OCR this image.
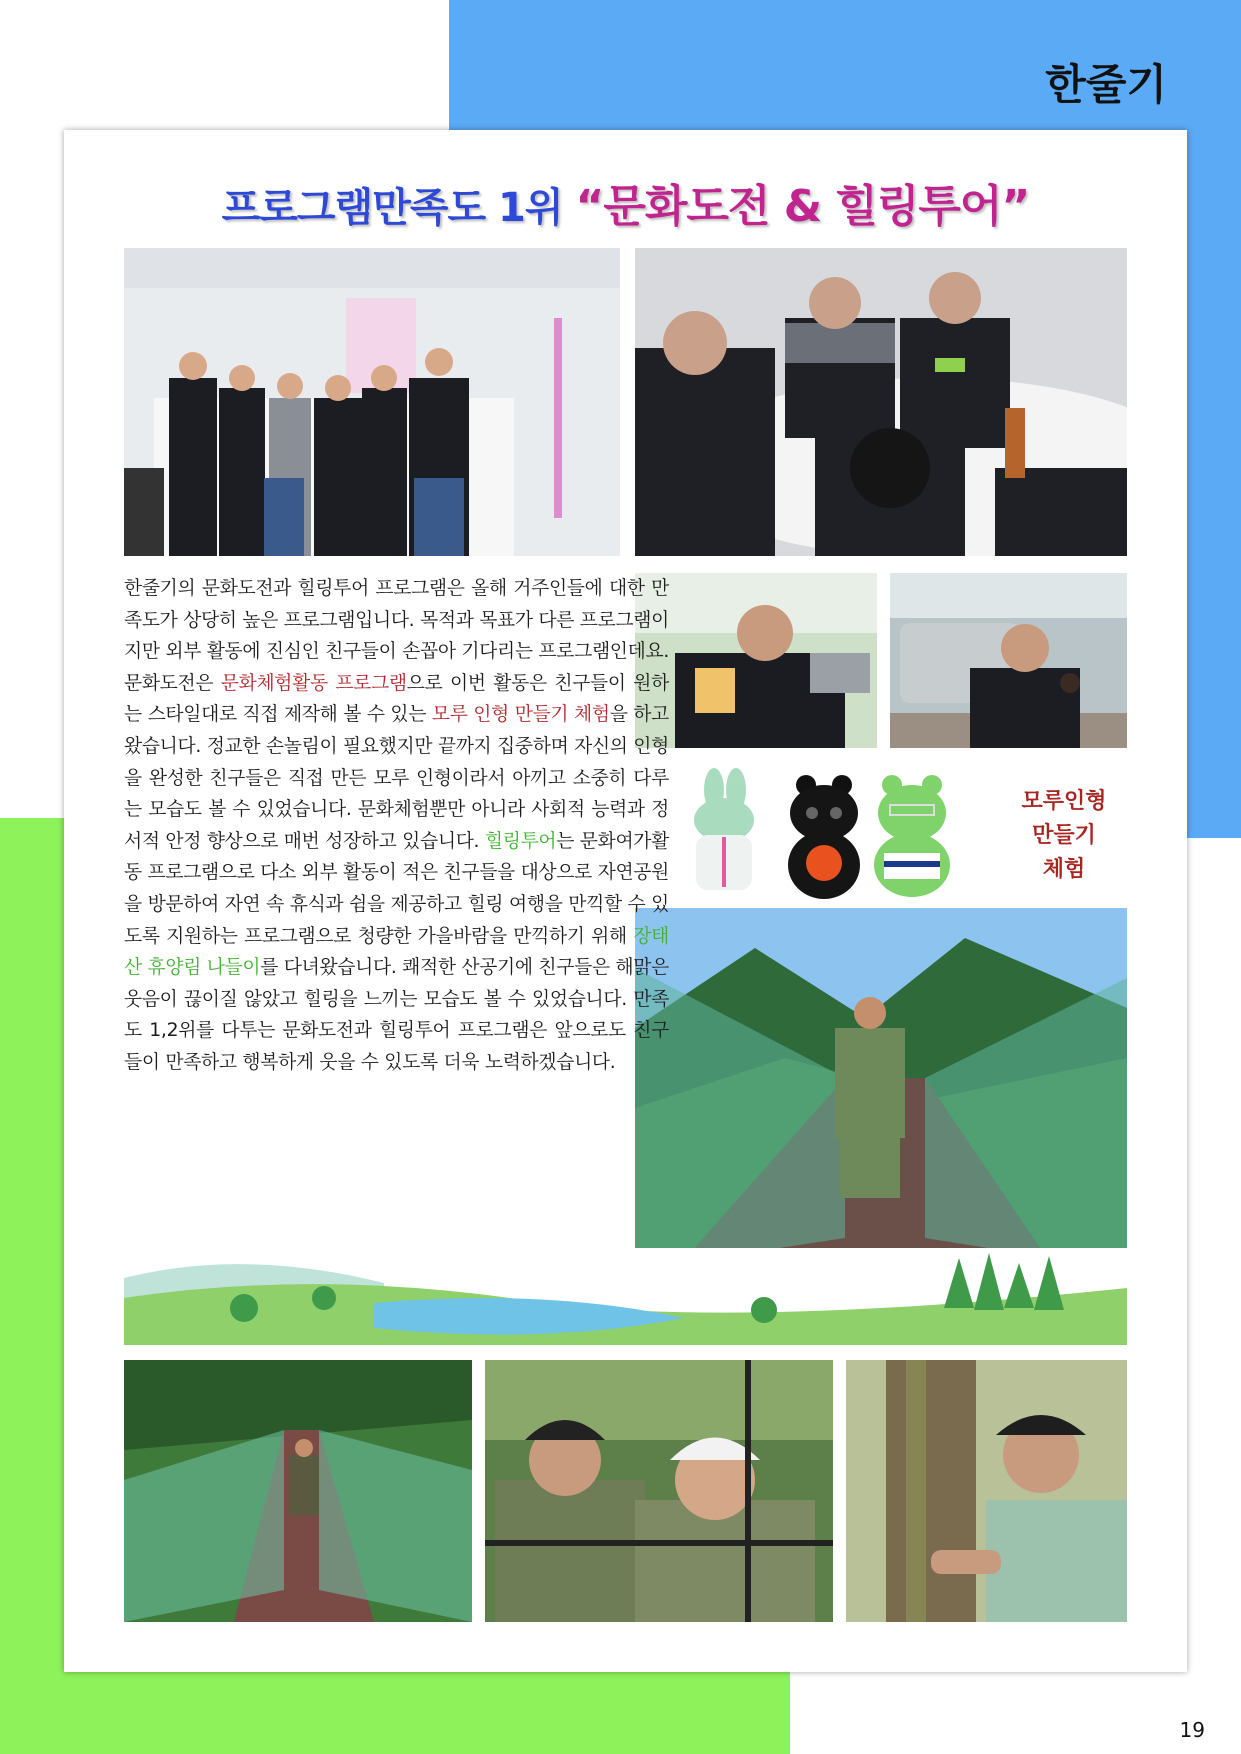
한줄기
프로그램만족도 1위 “문화도전 & 힐링투어”
모루인형
만들기
체험
한줄기의 문화도전과 힐링투어 프로그램은 올해 거주인들에 대한 만족도가 상당히 높은 프로그램입니다. 목적과 목표가 다른 프로그램이지만 외부 활동에 진심인 친구들이 손꼽아 기다리는 프로그램인데요. 문화도전은 문화체험활동 프로그램으로 이번 활동은 친구들이 원하는 스타일대로 직접 제작해 볼 수 있는 모루 인형 만들기 체험을 하고 왔습니다. 정교한 손놀림이 필요했지만 끝까지 집중하며 자신의 인형을 완성한 친구들은 직접 만든 모루 인형이라서 아끼고 소중히 다루는 모습도 볼 수 있었습니다. 문화체험뿐만 아니라 사회적 능력과 정서적 안정 향상으로 매번 성장하고 있습니다. 힐링투어는 문화여가활동 프로그램으로 다소 외부 활동이 적은 친구들을 대상으로 자연공원을 방문하여 자연 속 휴식과 쉼을 제공하고 힐링 여행을 만끽할 수 있도록 지원하는 프로그램으로 청량한 가을바람을 만끽하기 위해 장태산 휴양림 나들이를 다녀왔습니다. 쾌적한 산공기에 친구들은 해맑은 웃음이 끊이질 않았고 힐링을 느끼는 모습도 볼 수 있었습니다. 만족도 1,2위를 다투는 문화도전과 힐링투어 프로그램은 앞으로도 친구들이 만족하고 행복하게 웃을 수 있도록 더욱 노력하겠습니다.
19
